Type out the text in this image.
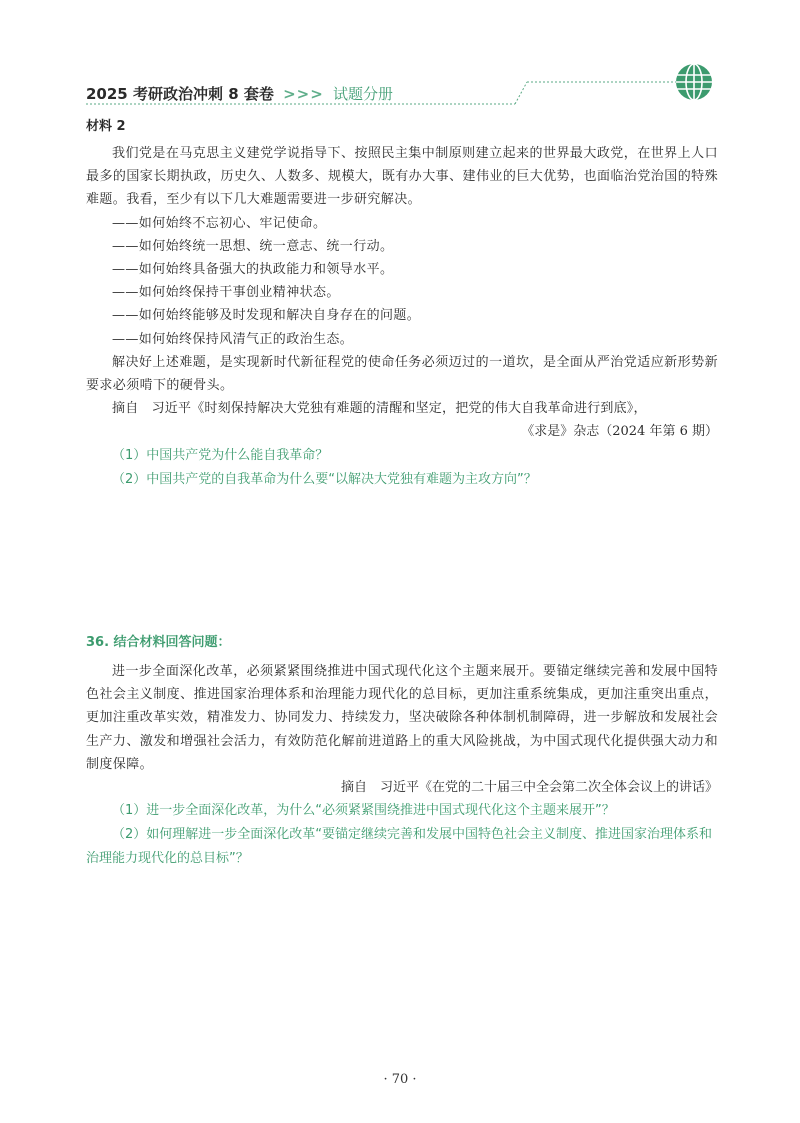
2025 考研政治冲刺 8 套卷 >>> 试题分册
材料 2

我们党是在马克思主义建党学说指导下、按照民主集中制原则建立起来的世界最大政党，在世界上人口最多的国家长期执政，历史久、人数多、规模大，既有办大事、建伟业的巨大优势，也面临治党治国的特殊难题。我看，至少有以下几大难题需要进一步研究解决。

——如何始终不忘初心、牢记使命。

——如何始终统一思想、统一意志、统一行动。

——如何始终具备强大的执政能力和领导水平。

——如何始终保持干事创业精神状态。

——如何始终能够及时发现和解决自身存在的问题。

——如何始终保持风清气正的政治生态。

解决好上述难题，是实现新时代新征程党的使命任务必须迈过的一道坎，是全面从严治党适应新形势新要求必须啃下的硬骨头。

摘自　习近平《时刻保持解决大党独有难题的清醒和坚定，把党的伟大自我革命进行到底》，

《求是》杂志（2024 年第 6 期）

（1）中国共产党为什么能自我革命？

（2）中国共产党的自我革命为什么要“以解决大党独有难题为主攻方向”？

36. 结合材料回答问题：

进一步全面深化改革，必须紧紧围绕推进中国式现代化这个主题来展开。要锚定继续完善和发展中国特色社会主义制度、推进国家治理体系和治理能力现代化的总目标，更加注重系统集成，更加注重突出重点，更加注重改革实效，精准发力、协同发力、持续发力，坚决破除各种体制机制障碍，进一步解放和发展社会生产力、激发和增强社会活力，有效防范化解前进道路上的重大风险挑战，为中国式现代化提供强大动力和制度保障。

摘自　习近平《在党的二十届三中全会第二次全体会议上的讲话》

（1）进一步全面深化改革，为什么“必须紧紧围绕推进中国式现代化这个主题来展开”？

（2）如何理解进一步全面深化改革“要锚定继续完善和发展中国特色社会主义制度、推进国家治理体系和治理能力现代化的总目标”？

· 70 ·
